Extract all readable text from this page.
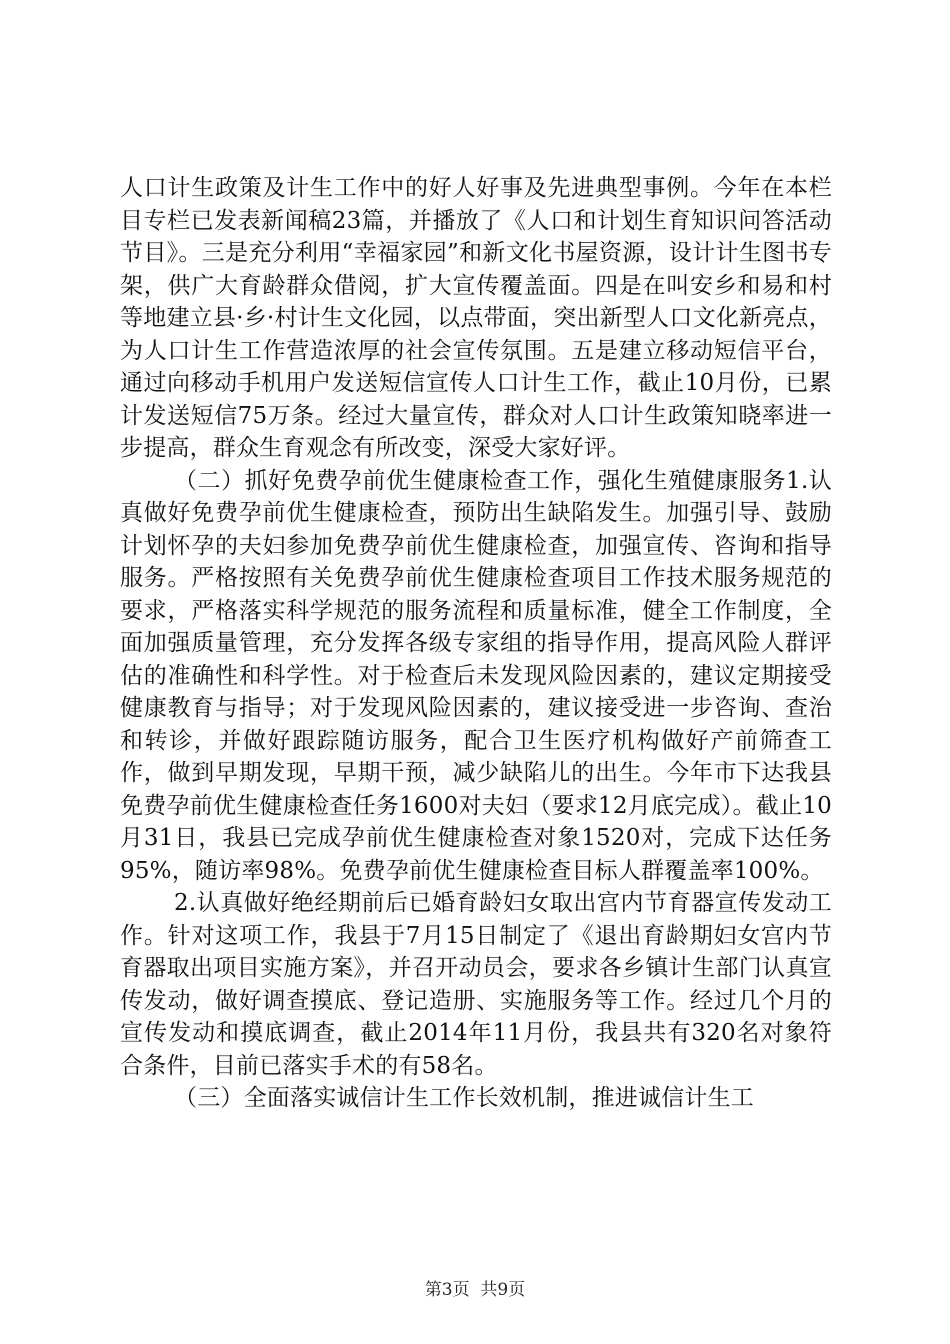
人口计生政策及计生工作中的好人好事及先进典型事例。今年在本栏目专栏已发表新闻稿23篇，并播放了《人口和计划生育知识问答活动节目》。三是充分利用“幸福家园”和新文化书屋资源，设计计生图书专架，供广大育龄群众借阅，扩大宣传覆盖面。四是在叫安乡和易和村等地建立县·乡·村计生文化园，以点带面，突出新型人口文化新亮点，为人口计生工作营造浓厚的社会宣传氛围。五是建立移动短信平台，通过向移动手机用户发送短信宣传人口计生工作，截止10月份，已累计发送短信75万条。经过大量宣传，群众对人口计生政策知晓率进一步提高，群众生育观念有所改变，深受大家好评。

（二）抓好免费孕前优生健康检查工作，强化生殖健康服务1.认真做好免费孕前优生健康检查，预防出生缺陷发生。加强引导、鼓励计划怀孕的夫妇参加免费孕前优生健康检查，加强宣传、咨询和指导服务。严格按照有关免费孕前优生健康检查项目工作技术服务规范的要求，严格落实科学规范的服务流程和质量标准，健全工作制度，全面加强质量管理，充分发挥各级专家组的指导作用，提高风险人群评估的准确性和科学性。对于检查后未发现风险因素的，建议定期接受健康教育与指导；对于发现风险因素的，建议接受进一步咨询、查治和转诊，并做好跟踪随访服务，配合卫生医疗机构做好产前筛查工作，做到早期发现，早期干预，减少缺陷儿的出生。今年市下达我县免费孕前优生健康检查任务1600对夫妇（要求12月底完成）。截止10月31日，我县已完成孕前优生健康检查对象1520对，完成下达任务95%，随访率98%。免费孕前优生健康检查目标人群覆盖率100%。

2.认真做好绝经期前后已婚育龄妇女取出宫内节育器宣传发动工作。针对这项工作，我县于7月15日制定了《退出育龄期妇女宫内节育器取出项目实施方案》，并召开动员会，要求各乡镇计生部门认真宣传发动，做好调查摸底、登记造册、实施服务等工作。经过几个月的宣传发动和摸底调查，截止2014年11月份，我县共有320名对象符合条件，目前已落实手术的有58名。

（三）全面落实诚信计生工作长效机制，推进诚信计生工

第3页  共9页
